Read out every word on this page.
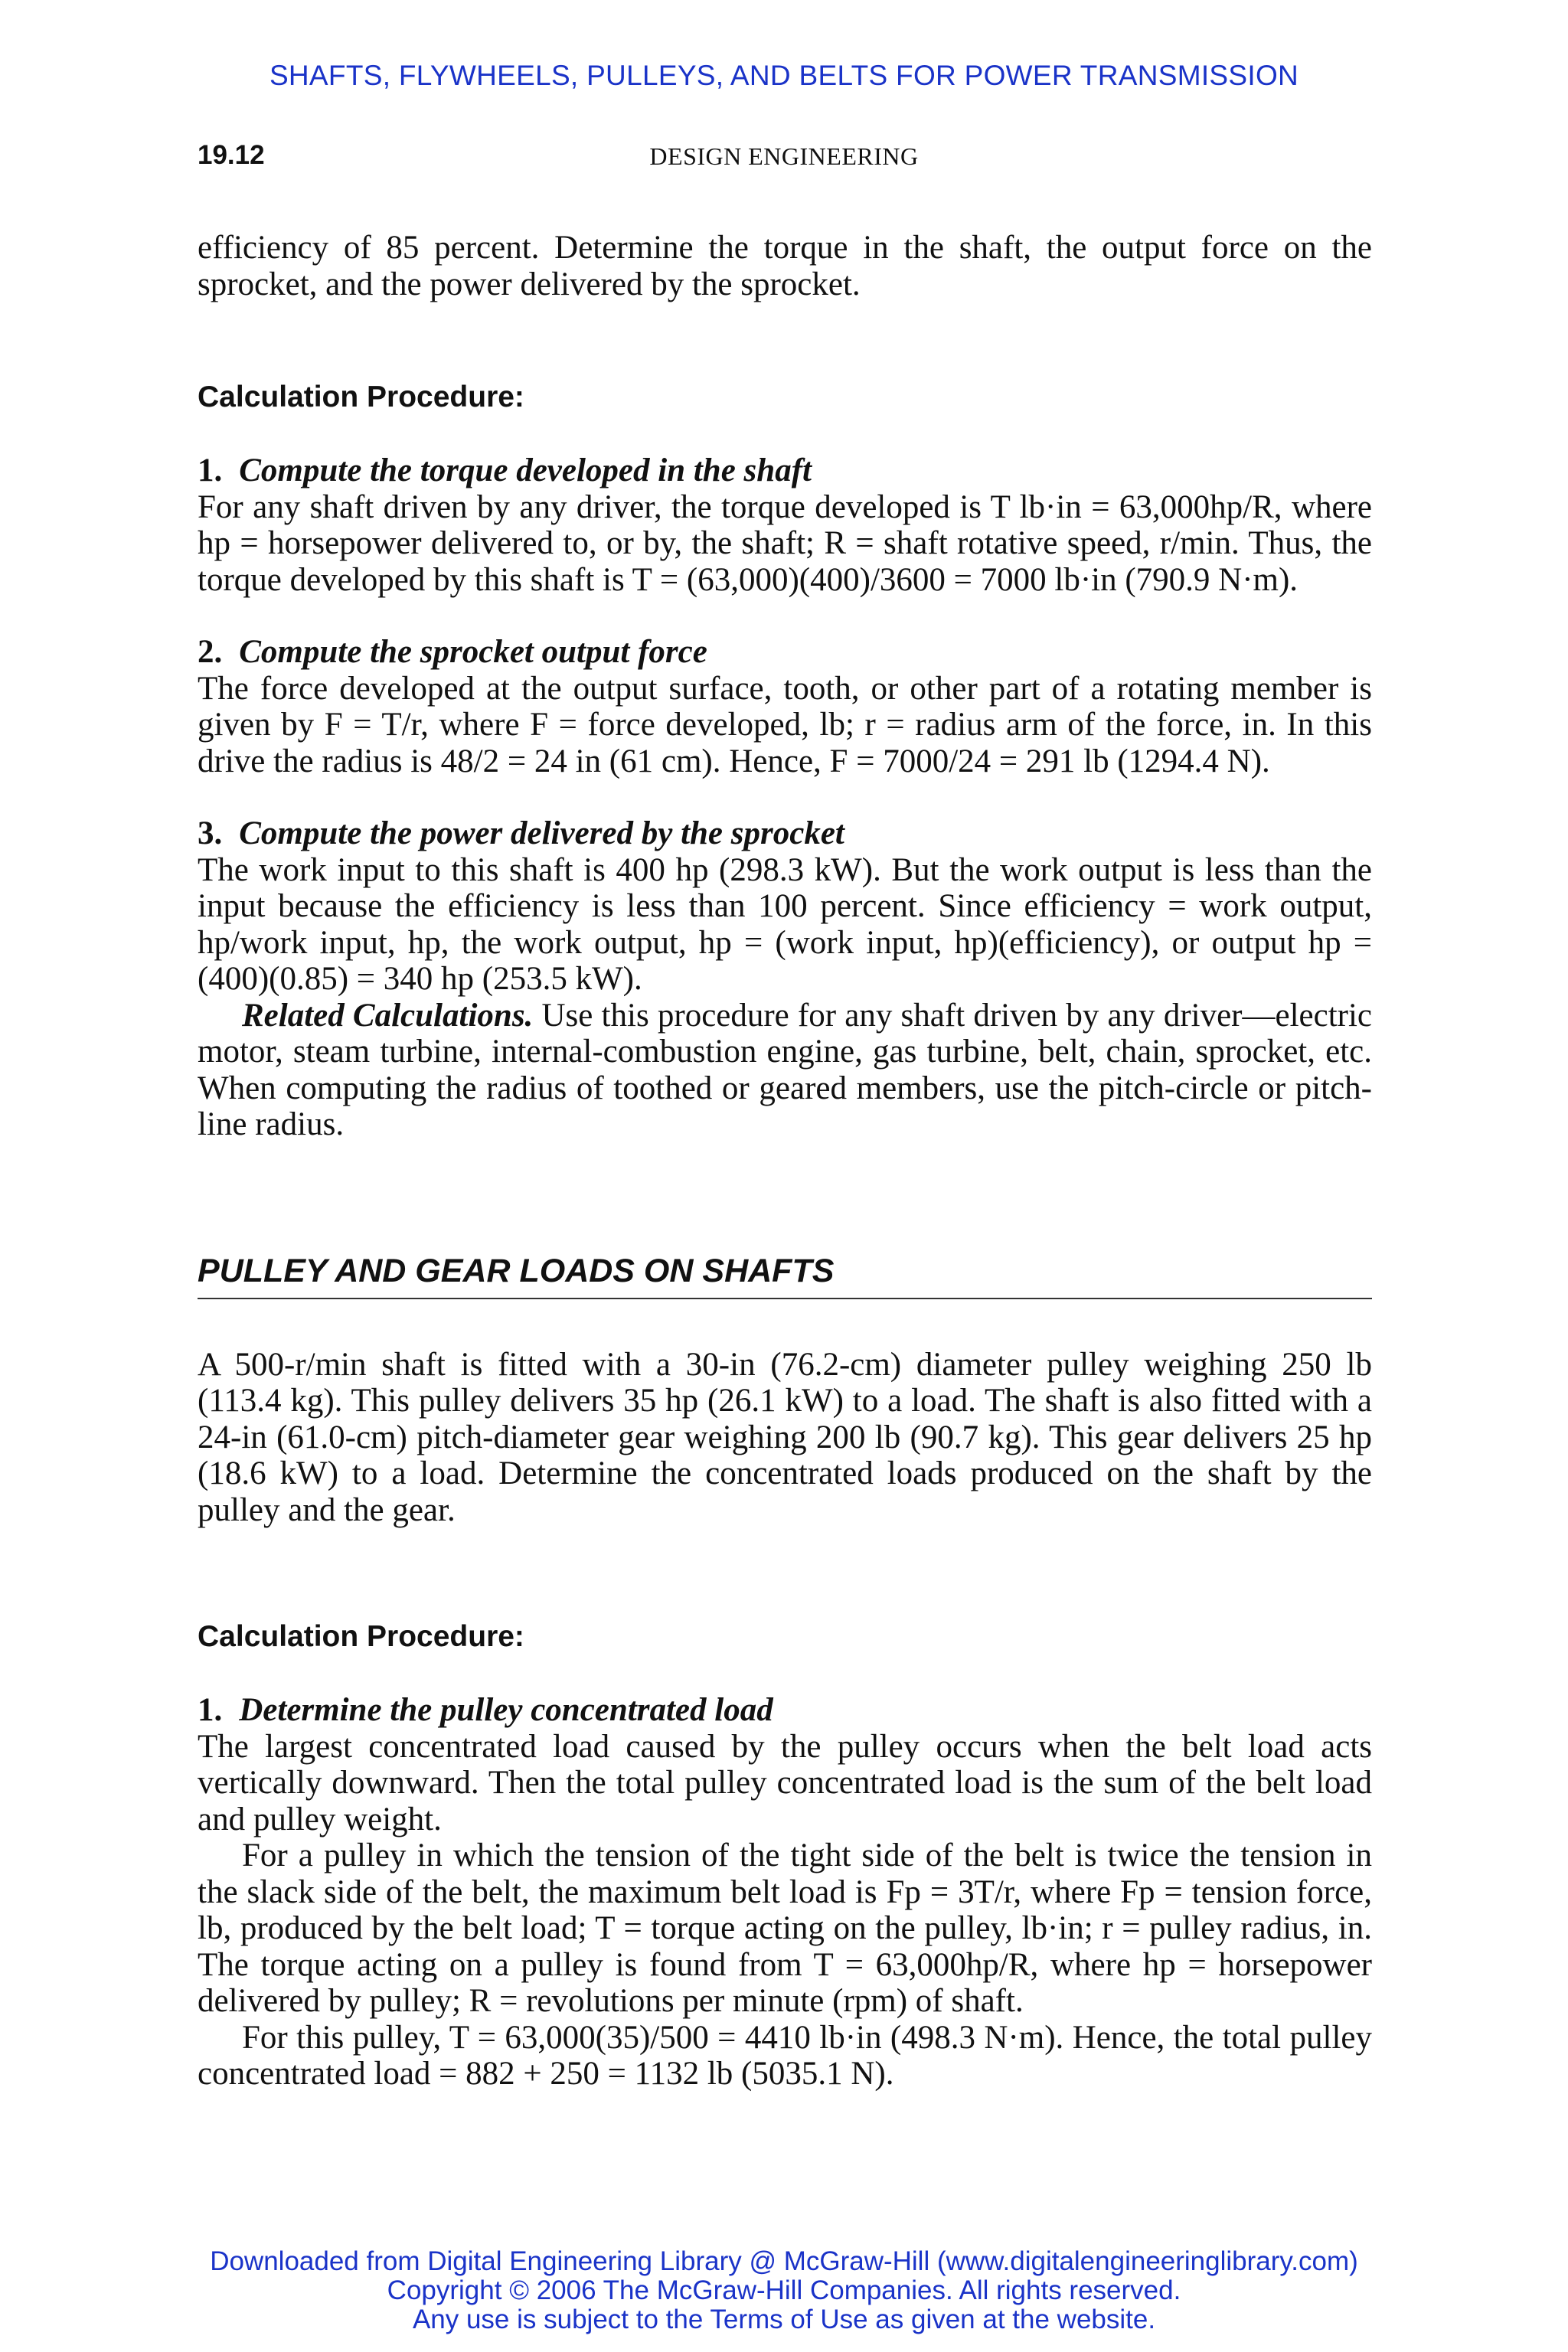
SHAFTS, FLYWHEELS, PULLEYS, AND BELTS FOR POWER TRANSMISSION
19.12	DESIGN ENGINEERING

efficiency of 85 percent. Determine the torque in the shaft, the output force on the sprocket, and the power delivered by the sprocket.

Calculation Procedure:

1. Compute the torque developed in the shaft

For any shaft driven by any driver, the torque developed is T lb·in = 63,000hp/R, where hp = horsepower delivered to, or by, the shaft; R = shaft rotative speed, r/min. Thus, the torque developed by this shaft is T = (63,000)(400)/3600 = 7000 lb·in (790.9 N·m).

2. Compute the sprocket output force

The force developed at the output surface, tooth, or other part of a rotating member is given by F = T/r, where F = force developed, lb; r = radius arm of the force, in. In this drive the radius is 48/2 = 24 in (61 cm). Hence, F = 7000/24 = 291 lb (1294.4 N).

3. Compute the power delivered by the sprocket

The work input to this shaft is 400 hp (298.3 kW). But the work output is less than the input because the efficiency is less than 100 percent. Since efficiency = work output, hp/work input, hp, the work output, hp = (work input, hp)(efficiency), or output hp = (400)(0.85) = 340 hp (253.5 kW).

Related Calculations. Use this procedure for any shaft driven by any driver—electric motor, steam turbine, internal-combustion engine, gas turbine, belt, chain, sprocket, etc. When computing the radius of toothed or geared members, use the pitch-circle or pitch-line radius.

PULLEY AND GEAR LOADS ON SHAFTS

A 500-r/min shaft is fitted with a 30-in (76.2-cm) diameter pulley weighing 250 lb (113.4 kg). This pulley delivers 35 hp (26.1 kW) to a load. The shaft is also fitted with a 24-in (61.0-cm) pitch-diameter gear weighing 200 lb (90.7 kg). This gear delivers 25 hp (18.6 kW) to a load. Determine the concentrated loads produced on the shaft by the pulley and the gear.

Calculation Procedure:

1. Determine the pulley concentrated load

The largest concentrated load caused by the pulley occurs when the belt load acts vertically downward. Then the total pulley concentrated load is the sum of the belt load and pulley weight.

For a pulley in which the tension of the tight side of the belt is twice the tension in the slack side of the belt, the maximum belt load is Fp = 3T/r, where Fp = tension force, lb, produced by the belt load; T = torque acting on the pulley, lb·in; r = pulley radius, in. The torque acting on a pulley is found from T = 63,000hp/R, where hp = horsepower delivered by pulley; R = revolutions per minute (rpm) of shaft.

For this pulley, T = 63,000(35)/500 = 4410 lb·in (498.3 N·m). Hence, the total pulley concentrated load = 882 + 250 = 1132 lb (5035.1 N).

Downloaded from Digital Engineering Library @ McGraw-Hill (www.digitalengineeringlibrary.com)
Copyright © 2006 The McGraw-Hill Companies. All rights reserved.
Any use is subject to the Terms of Use as given at the website.
